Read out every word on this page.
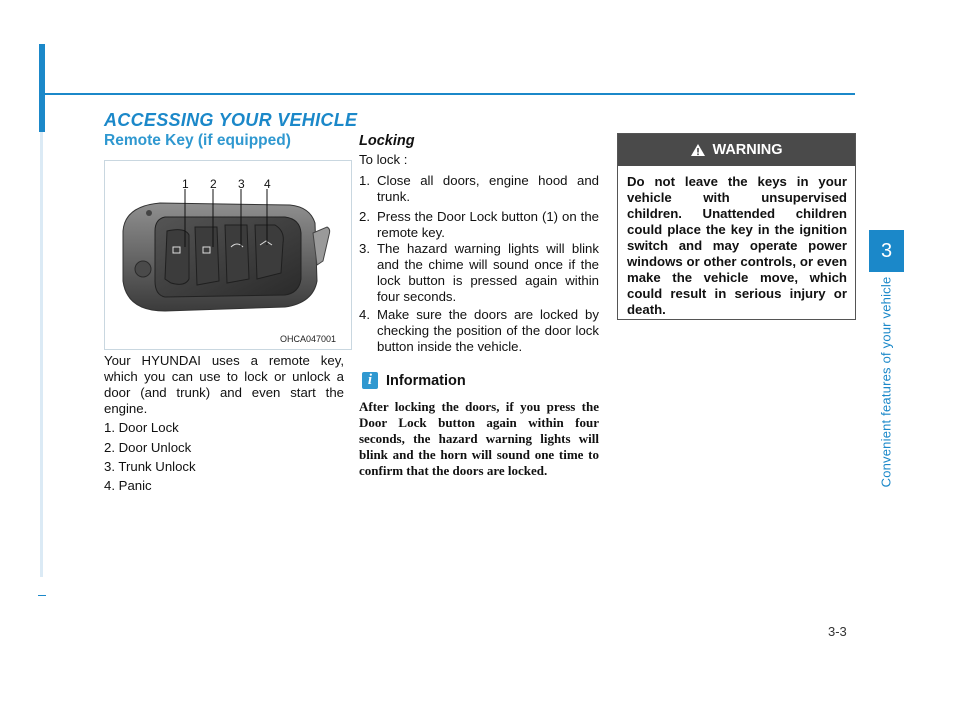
ACCESSING YOUR VEHICLE
Remote Key (if equipped)
1 2 3 4
OHCA047001
Your HYUNDAI uses a remote key, which you can use to lock or unlock a door (and trunk) and even start the engine.
1. Door Lock
2. Door Unlock
3. Trunk Unlock
4. Panic
Locking
To lock :
1. Close all doors, engine hood and trunk.
2. Press the Door Lock button (1) on the remote key.
3. The hazard warning lights will blink and the chime will sound once if the lock button is pressed again within four seconds.
4. Make sure the doors are locked by checking the position of the door lock button inside the vehicle.
i Information
After locking the doors, if you press the Door Lock button again within four seconds, the hazard warning lights will blink and the horn will sound one time to confirm that the doors are locked.
WARNING
Do not leave the keys in your vehicle with unsupervised children. Unattended children could place the key in the ignition switch and may operate power windows or other controls, or even make the vehicle move, which could result in serious injury or death.
3
Convenient features of your vehicle
3-3
